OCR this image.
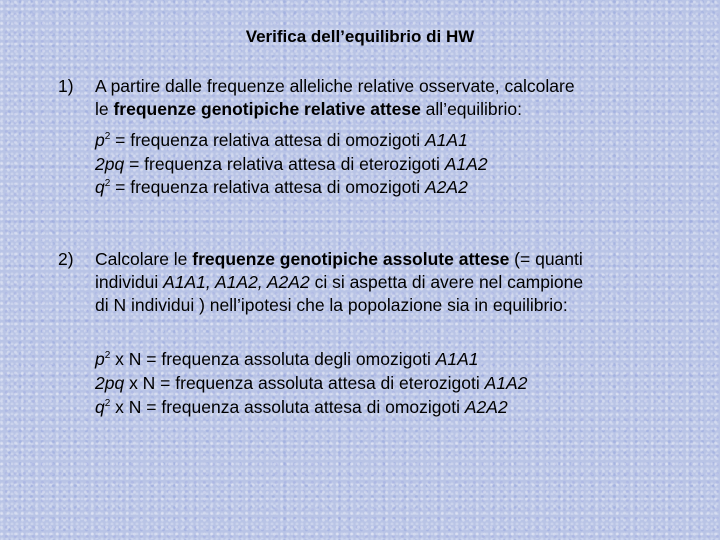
Verifica dell’equilibrio di HW
1) A partire dalle frequenze alleliche relative osservate, calcolare
le frequenze genotipiche relative attese all’equilibrio:
$p^2$ = frequenza relativa attesa di omozigoti A1A1
2pq = frequenza relativa attesa di eterozigoti A1A2
$q^2$ = frequenza relativa attesa di omozigoti A2A2
2) Calcolare le frequenze genotipiche assolute attese (= quanti
individui A1A1, A1A2, A2A2 ci si aspetta di avere nel campione
di N individui ) nell’ipotesi che la popolazione sia in equilibrio:
$p^2$ x N = frequenza assoluta degli omozigoti A1A1
2pq x N = frequenza assoluta attesa di eterozigoti A1A2
$q^2$ x N = frequenza assoluta attesa di omozigoti A2A2
